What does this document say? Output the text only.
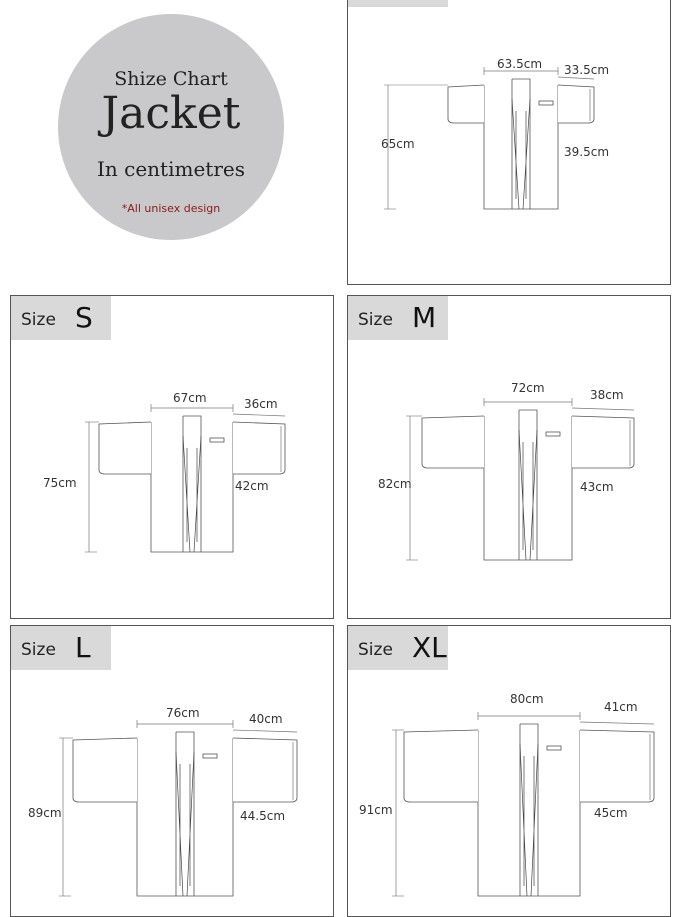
Shize Chart
Jacket
In centimetres
*All unisex design
63.5cm 33.5cm
65cm
39.5cm
Size S
67cm	36cm
75cm	42cm
Size M
72cm	38cm
82cm	43cm
Size L
76cm	40cm
89cm	44.5cm
Size XL
80cm
41cm
91cm	45cm
